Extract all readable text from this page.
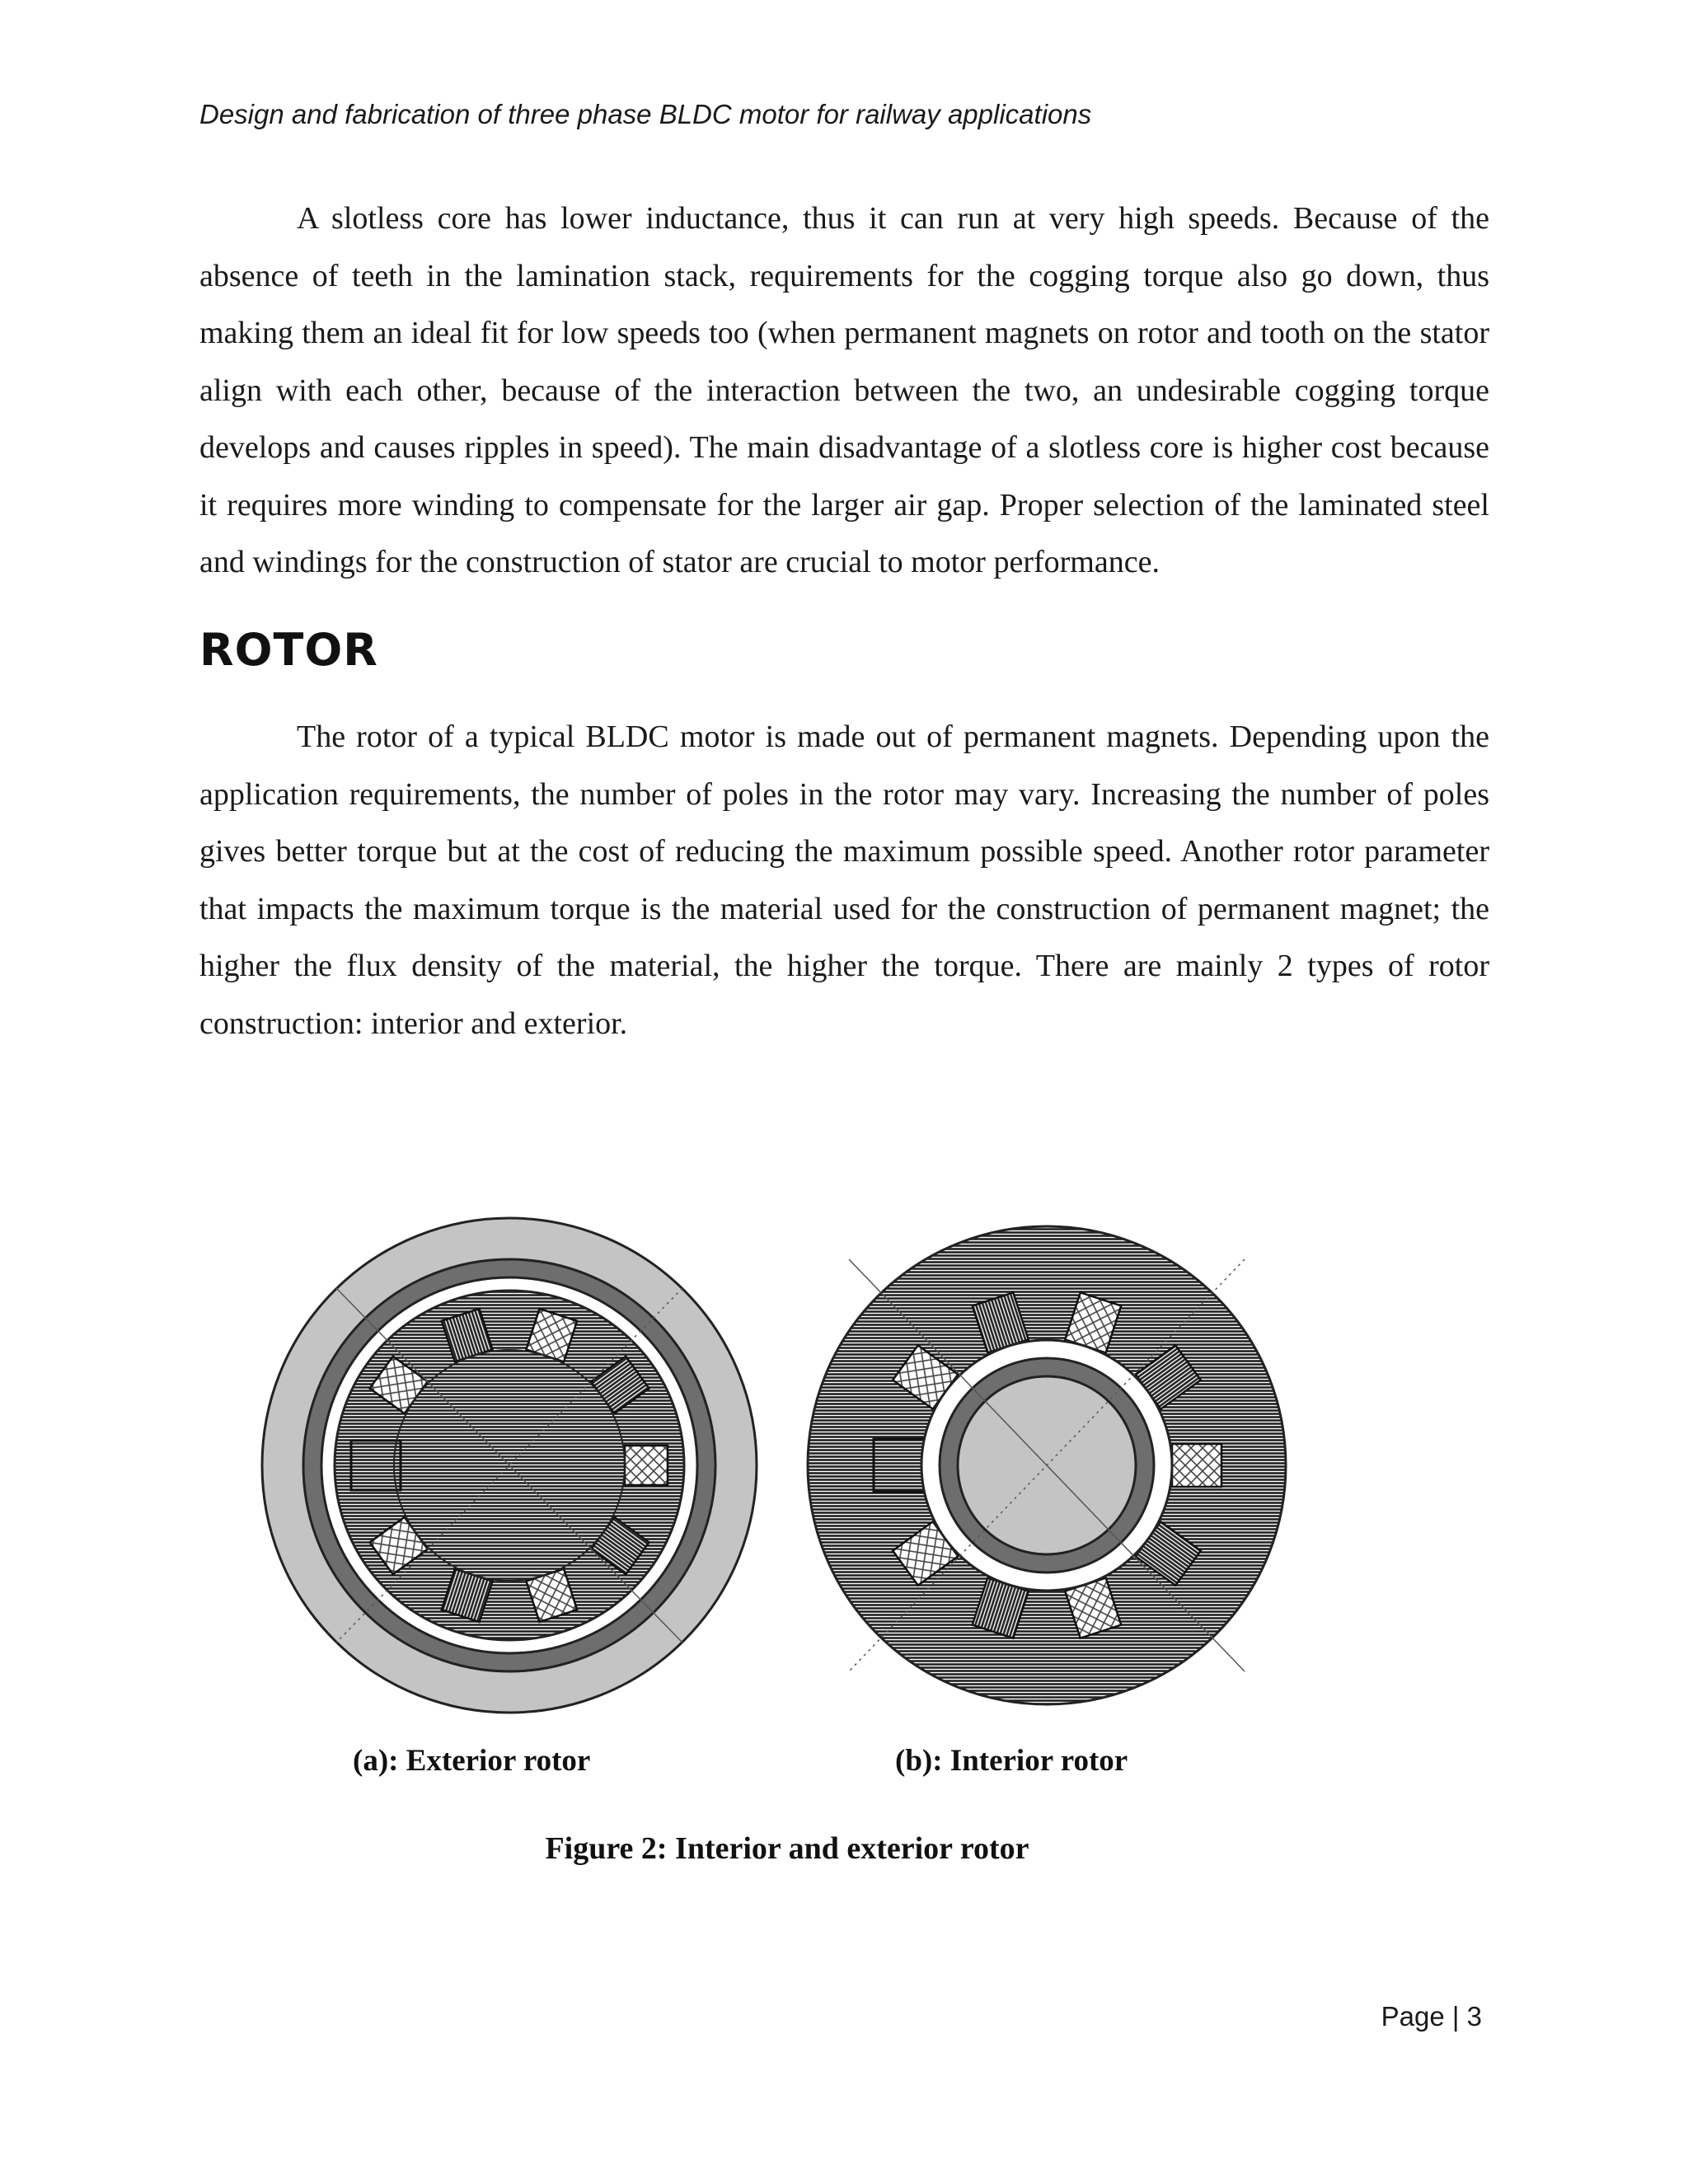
Design and fabrication of three phase BLDC motor for railway applications

A slotless core has lower inductance, thus it can run at very high speeds. Because of the absence of teeth in the lamination stack, requirements for the cogging torque also go down, thus making them an ideal fit for low speeds too (when permanent magnets on rotor and tooth on the stator align with each other, because of the interaction between the two, an undesirable cogging torque develops and causes ripples in speed). The main disadvantage of a slotless core is higher cost because it requires more winding to compensate for the larger air gap. Proper selection of the laminated steel and windings for the construction of stator are crucial to motor performance.

ROTOR

The rotor of a typical BLDC motor is made out of permanent magnets. Depending upon the application requirements, the number of poles in the rotor may vary. Increasing the number of poles gives better torque but at the cost of reducing the maximum possible speed. Another rotor parameter that impacts the maximum torque is the material used for the construction of permanent magnet; the higher the flux density of the material, the higher the torque. There are mainly 2 types of rotor construction: interior and exterior.

(a): Exterior rotor	(b): Interior rotor
Figure 2: Interior and exterior rotor
Page | 3
